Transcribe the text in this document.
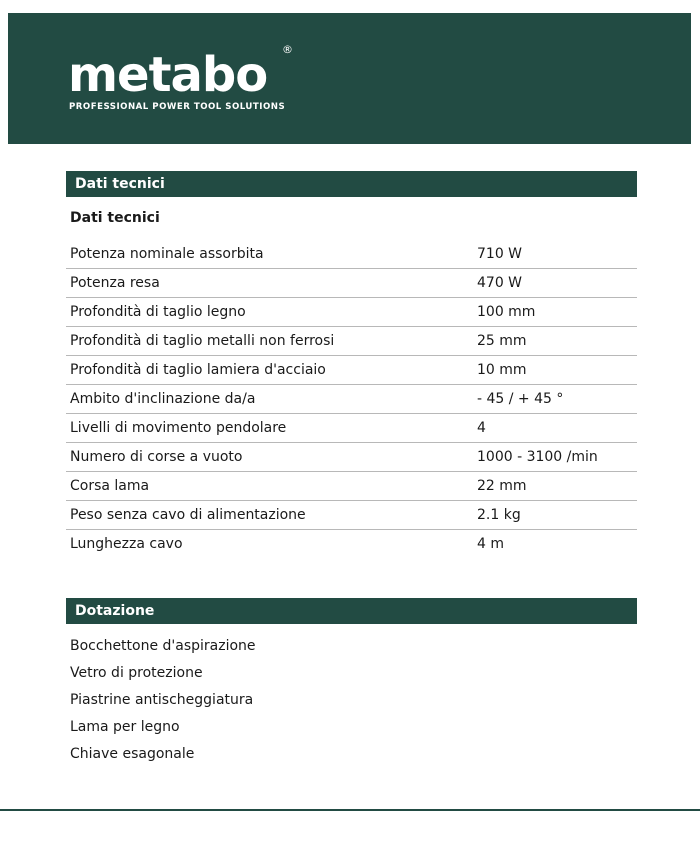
metabo ®
PROFESSIONAL POWER TOOL SOLUTIONS
Dati tecnici
Dati tecnici
Potenza nominale assorbita	710 W
Potenza resa	470 W
Profondità di taglio legno	100 mm
Profondità di taglio metalli non ferrosi	25 mm
Profondità di taglio lamiera d'acciaio	10 mm
Ambito d'inclinazione da/a	- 45 / + 45 °
Livelli di movimento pendolare	4
Numero di corse a vuoto	1000 - 3100 /min
Corsa lama	22 mm
Peso senza cavo di alimentazione	2.1 kg
Lunghezza cavo	4 m
Dotazione
Bocchettone d'aspirazione
Vetro di protezione
Piastrine antischeggiatura
Lama per legno
Chiave esagonale
